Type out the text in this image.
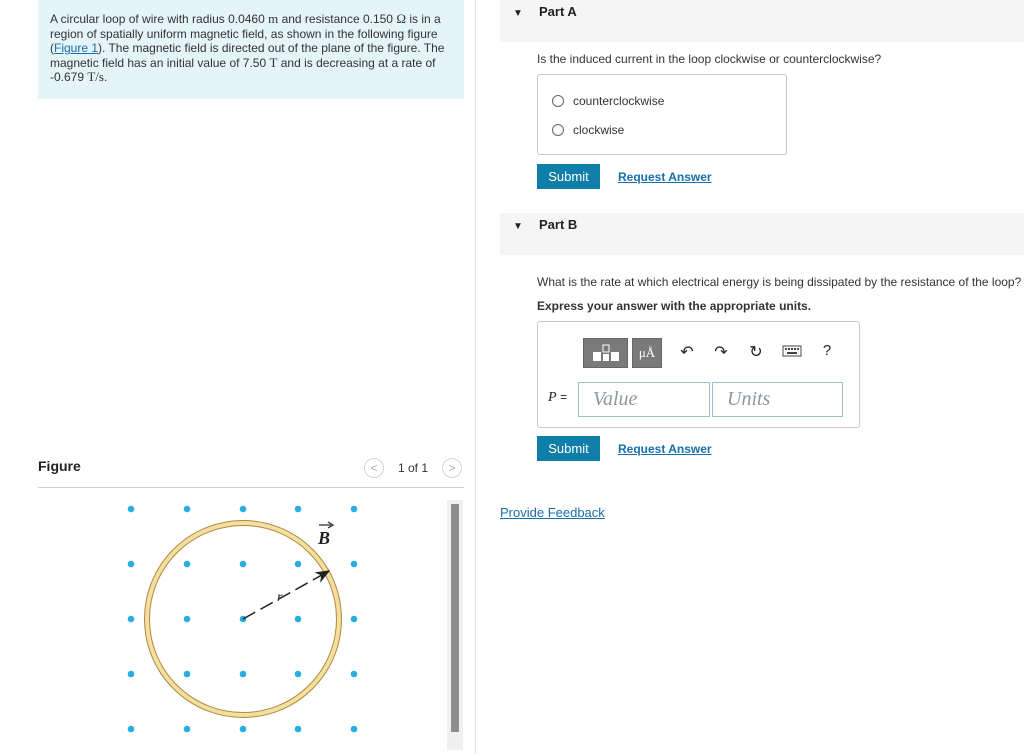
A circular loop of wire with radius 0.0460 m and resistance 0.150 Ω is in a region of spatially uniform magnetic field, as shown in the following figure (Figure 1). The magnetic field is directed out of the plane of the figure. The magnetic field has an initial value of 7.50 T and is decreasing at a rate of -0.679 T/s.
Figure	<	1 of 1	>
r
B
▼ Part A
Is the induced current in the loop clockwise or counterclockwise?
counterclockwise
clockwise
Submit	Request Answer
▼ Part B
What is the rate at which electrical energy is being dissipated by the resistance of the loop?
Express your answer with the appropriate units.
μÅ	↶ ↷ ↻	?
P =
Value
Units
Submit	Request Answer
Provide Feedback
